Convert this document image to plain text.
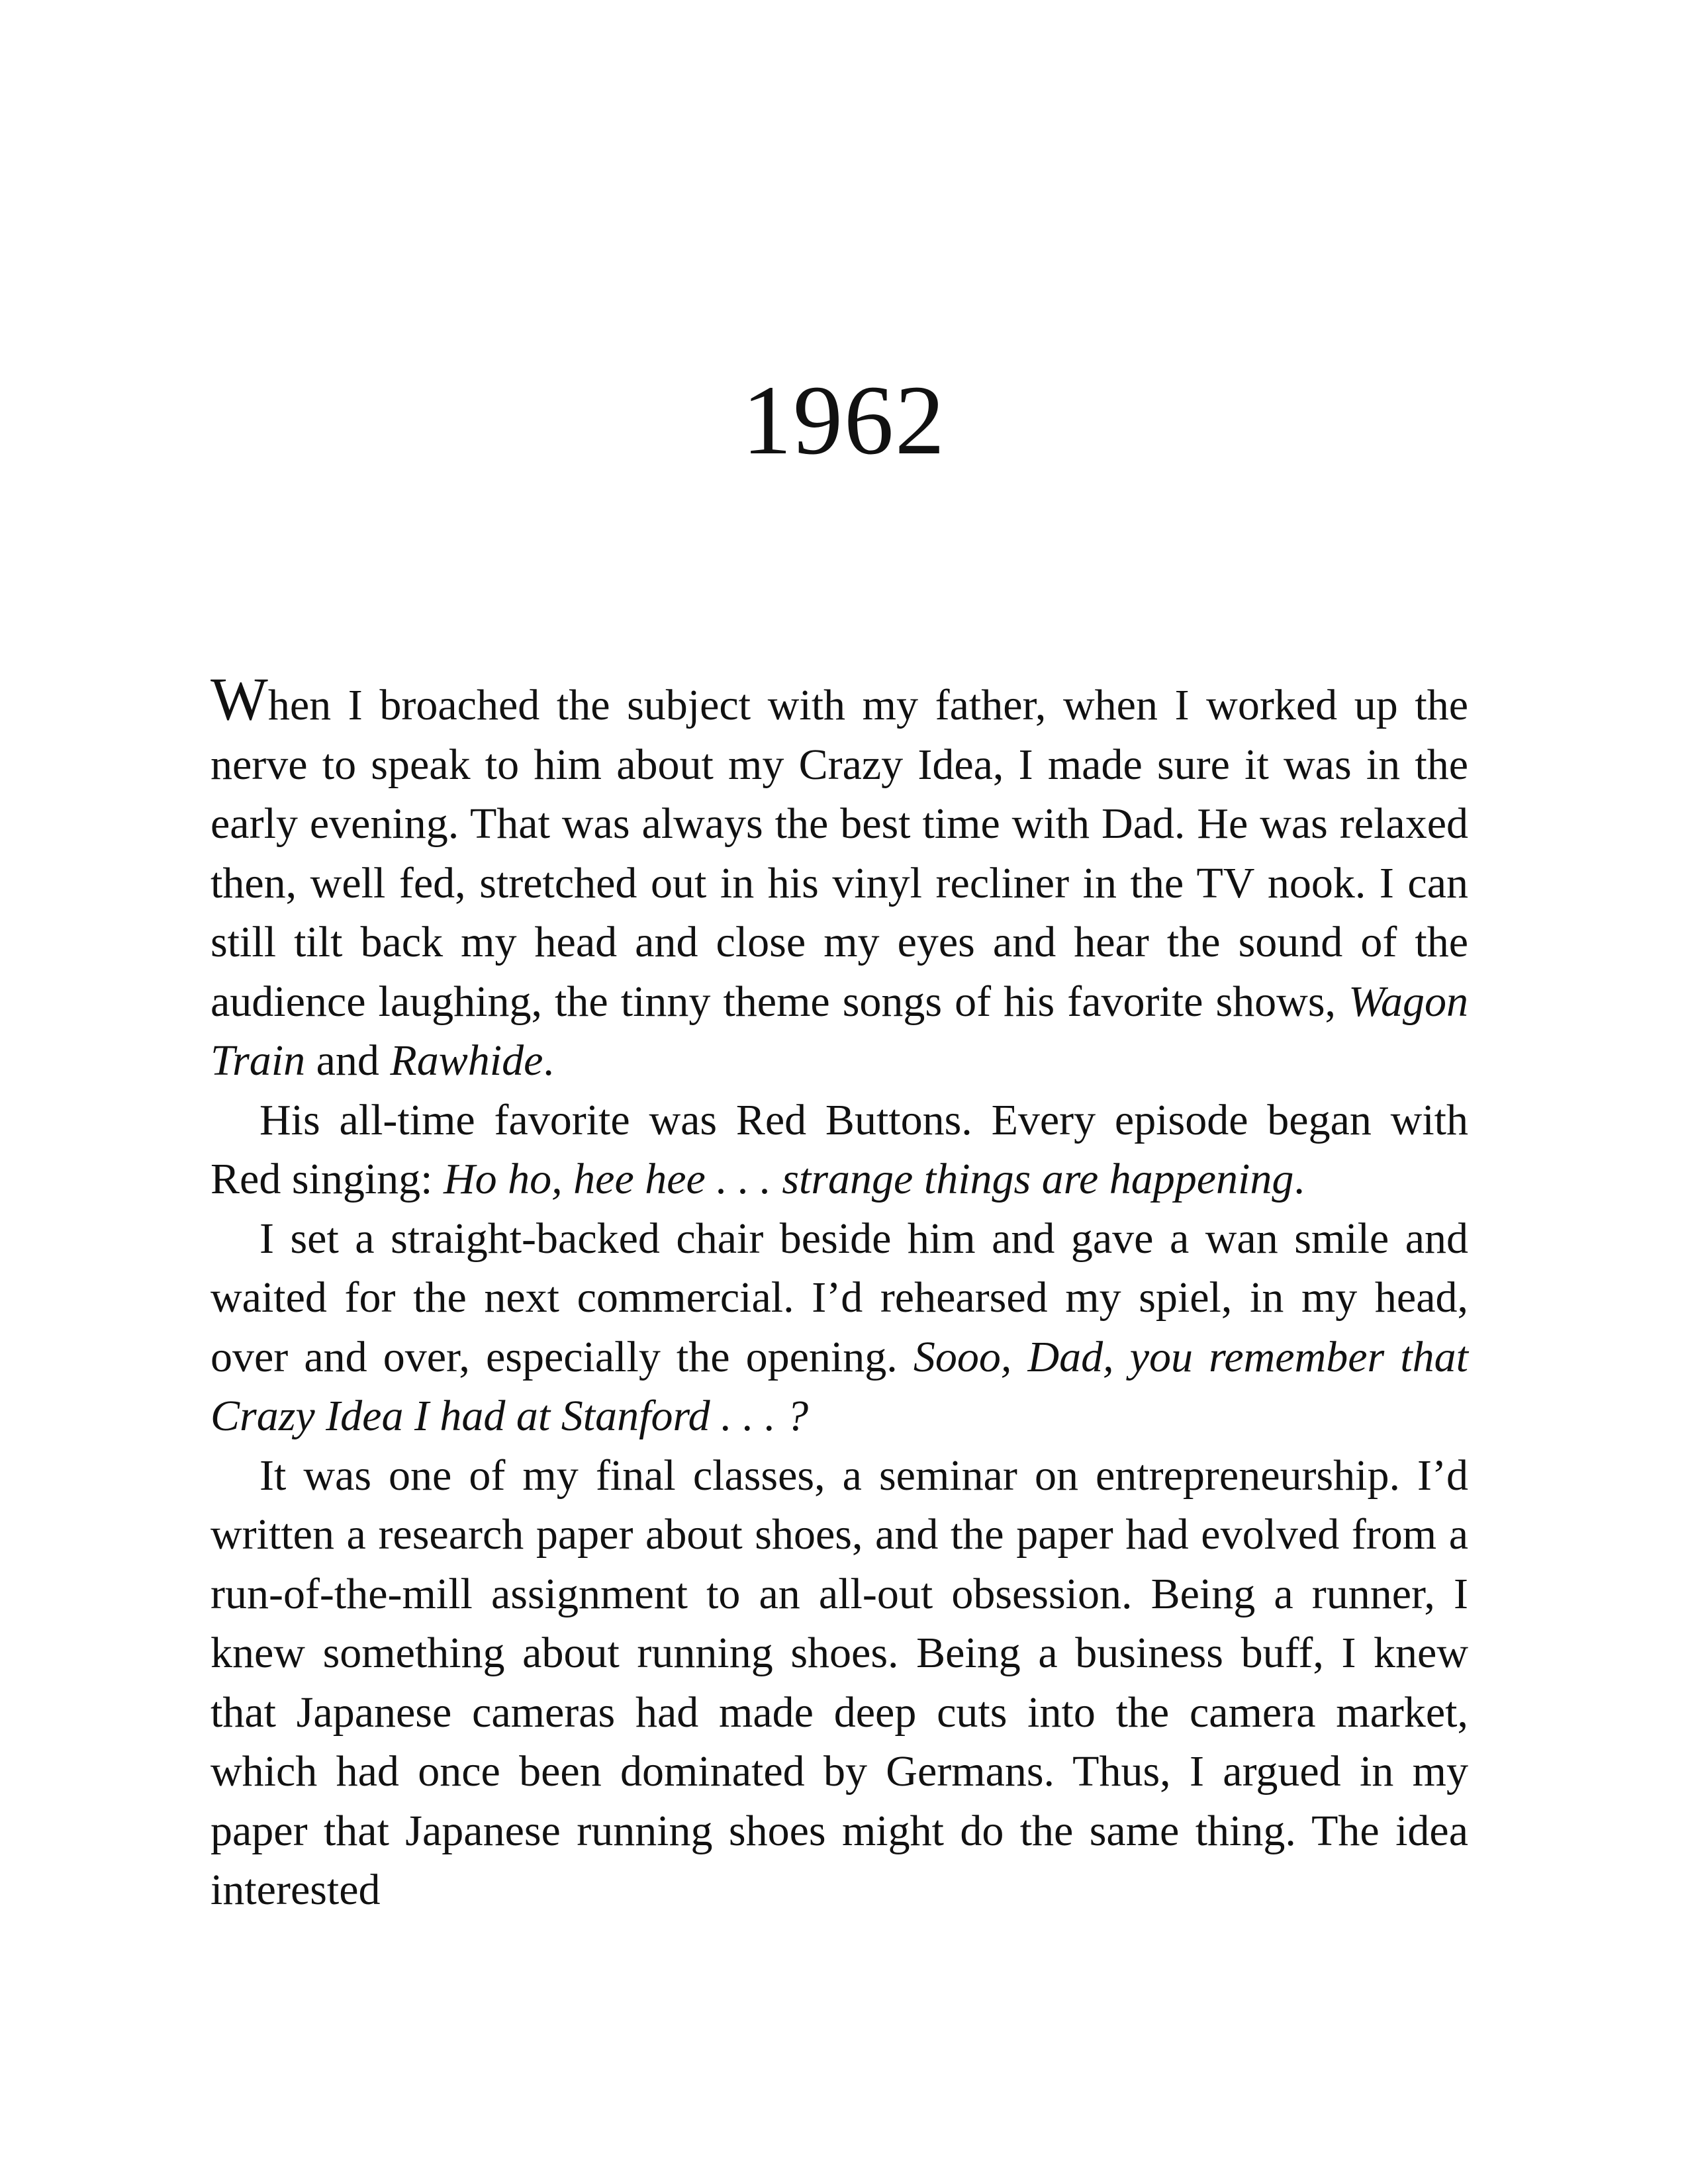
1962

When I broached the subject with my father, when I worked up the nerve to speak to him about my Crazy Idea, I made sure it was in the early evening. That was always the best time with Dad. He was relaxed then, well fed, stretched out in his vinyl recliner in the TV nook. I can still tilt back my head and close my eyes and hear the sound of the audience laughing, the tinny theme songs of his favorite shows, Wagon Train and Rawhide.

His all-time favorite was Red Buttons. Every episode began with Red singing: Ho ho, hee hee . . . strange things are happening.

I set a straight-backed chair beside him and gave a wan smile and waited for the next commercial. I’d rehearsed my spiel, in my head, over and over, especially the opening. Sooo, Dad, you remember that Crazy Idea I had at Stanford . . . ?

It was one of my final classes, a seminar on entrepreneurship. I’d written a research paper about shoes, and the paper had evolved from a run-of-the-mill assignment to an all-out obsession. Being a runner, I knew something about running shoes. Being a business buff, I knew that Japanese cameras had made deep cuts into the camera market, which had once been dominated by Germans. Thus, I argued in my paper that Japanese running shoes might do the same thing. The idea interested
